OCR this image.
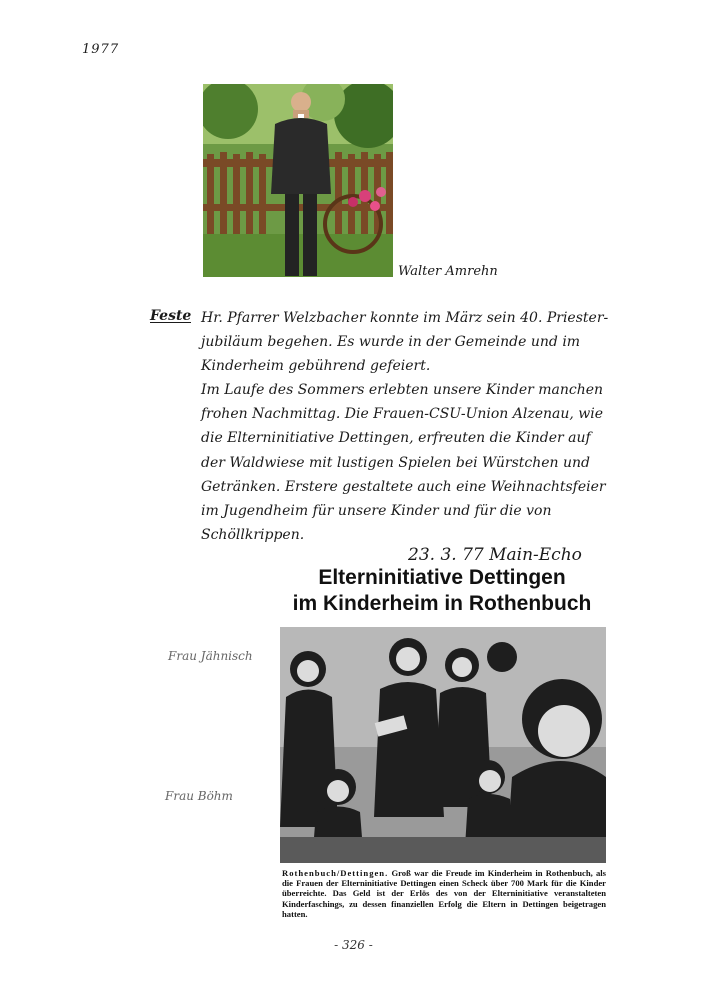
1977
Walter Amrehn
Feste Hr. Pfarrer Welzbacher konnte im März sein 40. Priester-
jubiläum begehen. Es wurde in der Gemeinde und im
Kinderheim gebührend gefeiert.
Im Laufe des Sommers erlebten unsere Kinder manchen
frohen Nachmittag. Die Frauen-CSU-Union Alzenau, wie
die Elterninitiative Dettingen, erfreuten die Kinder auf
der Waldwiese mit lustigen Spielen bei Würstchen und
Getränken. Erstere gestaltete auch eine Weihnachtsfeier
im Jugendheim für unsere Kinder und für die von
Schöllkrippen.
23. 3. 77 Main-Echo
Elterninitiative Dettingen
im Kinderheim in Rothenbuch
Rothenbuch/Dettingen. Groß war die Freude im Kinderheim in Rothenbuch, als die Frauen der Elterninitiative Dettingen einen Scheck über 700 Mark für die Kinder überreichte. Das Geld ist der Erlös des von der Elterninitiative veranstalteten Kinderfaschings, zu dessen finanziellen Erfolg die Eltern in Dettingen beigetragen hatten.
Frau Jähnisch
Frau Böhm
- 326 -
